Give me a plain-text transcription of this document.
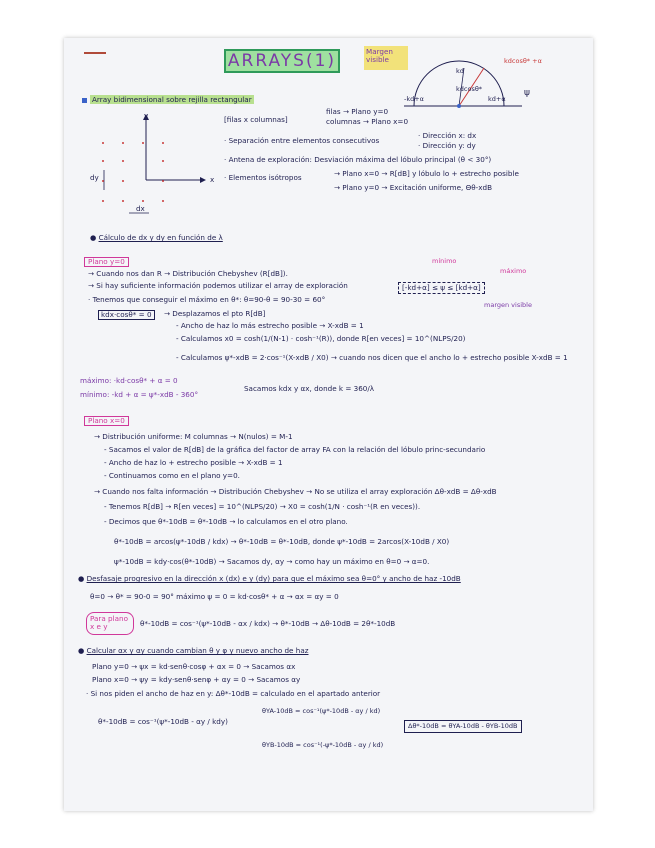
ARRAYS(1)	Margen visible	kdcosθ* +α
kd
-kd+α	kd+α
kdcosθ*	ψ
Array bidimensional sobre rejilla rectangular
y
x
dy
dx
[filas x columnas]
filas → Plano y=0
columnas → Plano x=0
· Separación entre elementos consecutivos
· Dirección x: dx
· Dirección y: dy
· Antena de exploración: Desviación máxima del lóbulo principal (θ < 30°)
· Elementos isótropos	→ Plano x=0 → R[dB] y lóbulo lo + estrecho posible
→ Plano y=0 → Excitación uniforme, Θθ-xdB
● Cálculo de dx y dy en función de λ
Plano y=0	mínimo
máximo
→ Cuando nos dan R → Distribución Chebyshev (R[dB]).
→ Si hay suficiente información podemos utilizar el array de exploración	[-kd+α] ≤ ψ ≤ [kd+α]
margen visible
· Tenemos que conseguir el máximo en θ*: θ=90-θ = 90-30 = 60°
kdx·cosθ* = 0	→ Desplazamos el pto R[dB]
- Ancho de haz lo más estrecho posible → X-xdB = 1
- Calculamos x0 = cosh(1/(N-1) · cosh⁻¹(R)), donde R[en veces] = 10^(NLPS/20)
- Calculamos ψ*-xdB = 2·cos⁻¹(X-xdB / X0) → cuando nos dicen que el ancho lo + estrecho posible X-xdB = 1
máximo: ·kd·cosθ* + α = 0
mínimo: -kd + α = ψ*-xdB - 360°
Sacamos kdx y αx, donde k = 360/λ
Plano x=0
→ Distribución uniforme: M columnas → N(nulos) = M-1
- Sacamos el valor de R[dB] de la gráfica del factor de array FA con la relación del lóbulo princ-secundario
- Ancho de haz lo + estrecho posible → X-xdB = 1
- Continuamos como en el plano y=0.
→ Cuando nos falta información → Distribución Chebyshev → No se utiliza el array exploración Δθ-xdB = Δθ-xdB
- Tenemos R[dB] → R[en veces] = 10^(NLPS/20) → X0 = cosh(1/N · cosh⁻¹(R en veces)).
- Decimos que θ*-10dB = θ*-10dB → lo calculamos en el otro plano.
θ*-10dB = arcos(ψ*-10dB / kdx) → θ*-10dB = θ*-10dB, donde ψ*-10dB = 2arcos(X-10dB / X0)
ψ*-10dB = kdy·cos(θ*-10dB) → Sacamos dy, αy → como hay un máximo en θ=0 → α=0.
● Desfasaje progresivo en la dirección x (dx) e y (dy) para que el máximo sea θ=0° y ancho de haz -10dB
θ=0 → θ* = 90-0 = 90° máximo ψ = 0 = kd·cosθ* + α → αx = αy = 0
Para plano x e y	θ*-10dB = cos⁻¹(ψ*-10dB - αx / kdx) → θ*-10dB → Δθ-10dB = 2θ*-10dB
● Calcular αx y αy cuando cambian θ y φ y nuevo ancho de haz
Plano y=0 → ψx = kd·senθ·cosφ + αx = 0 → Sacamos αx
Plano x=0 → ψy = kdy·senθ·senφ + αy = 0 → Sacamos αy
· Si nos piden el ancho de haz en y: Δθ*-10dB = calculado en el apartado anterior
θ*-10dB = cos⁻¹(ψ*-10dB - αy / kdy)
θYA-10dB = cos⁻¹(ψ*-10dB - αy / kd)
θYB-10dB = cos⁻¹(-ψ*-10dB - αy / kd)
Δθ*-10dB = θYA-10dB - θYB-10dB
